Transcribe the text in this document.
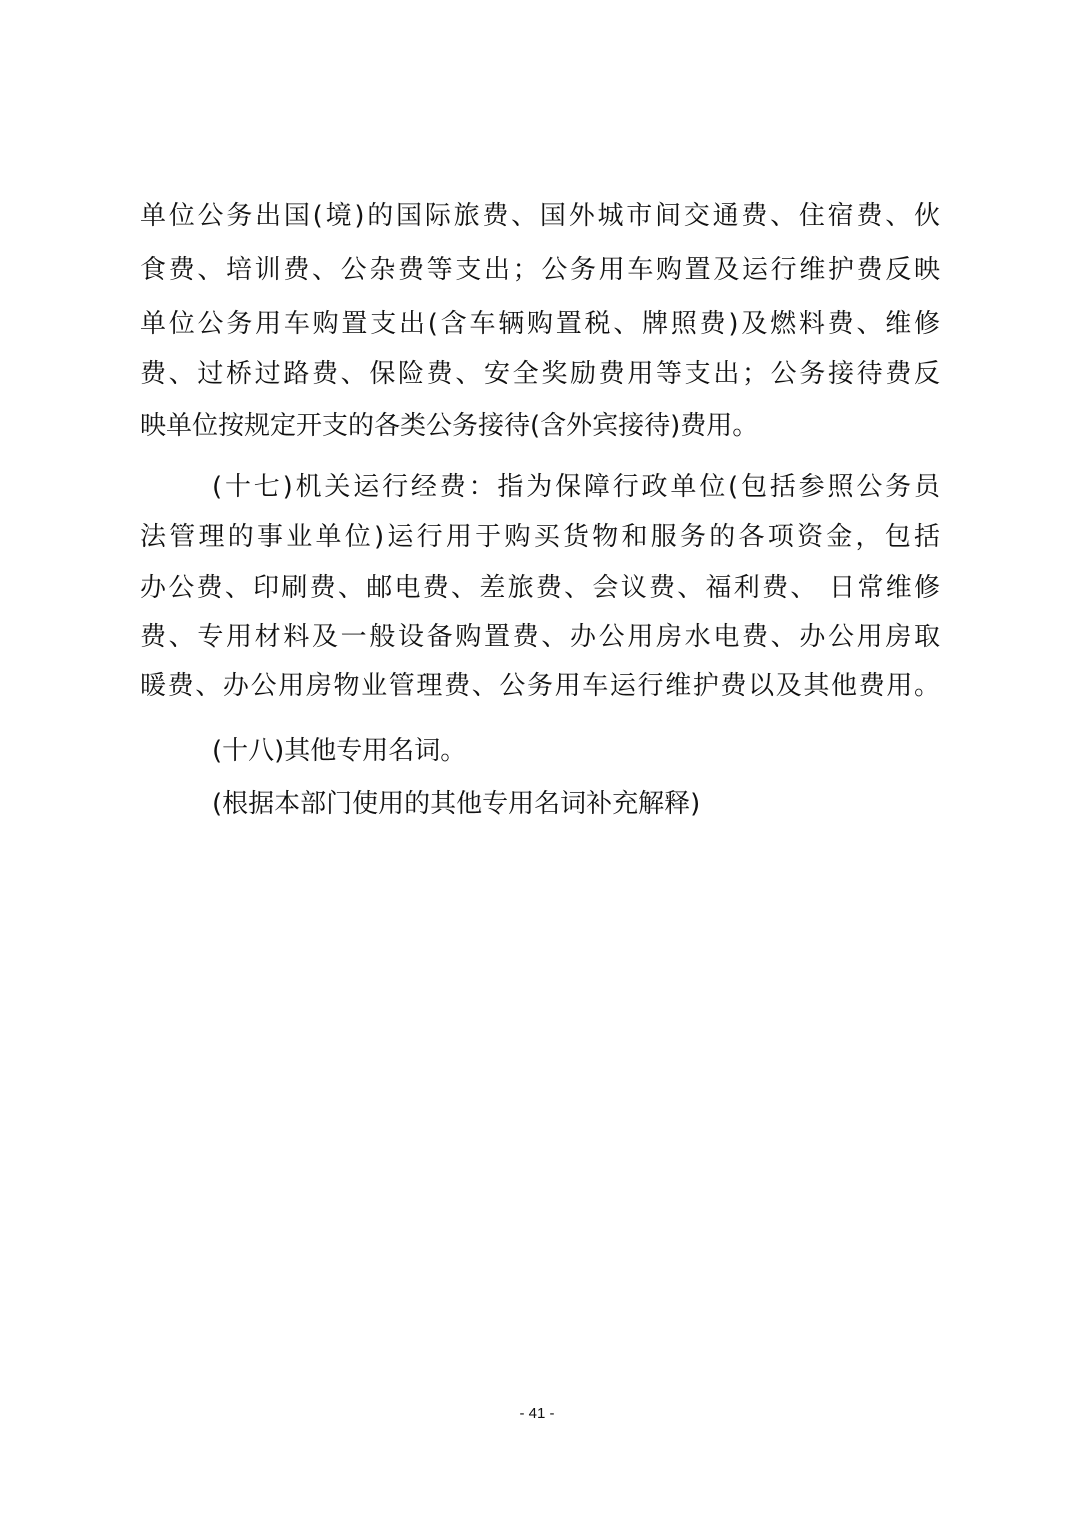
单位公务出国(境)的国际旅费、国外城市间交通费、住宿费、伙
食费、培训费、公杂费等支出；公务用车购置及运行维护费反映
单位公务用车购置支出(含车辆购置税、牌照费)及燃料费、维修
费、过桥过路费、保险费、安全奖励费用等支出；公务接待费反
映单位按规定开支的各类公务接待(含外宾接待)费用。
(十七)机关运行经费：指为保障行政单位(包括参照公务员
法管理的事业单位)运行用于购买货物和服务的各项资金，包括
办公费、印刷费、邮电费、差旅费、会议费、福利费、 日常维修
费、专用材料及一般设备购置费、办公用房水电费、办公用房取
暖费、办公用房物业管理费、公务用车运行维护费以及其他费用。
(十八)其他专用名词。
(根据本部门使用的其他专用名词补充解释)
- 41 -
